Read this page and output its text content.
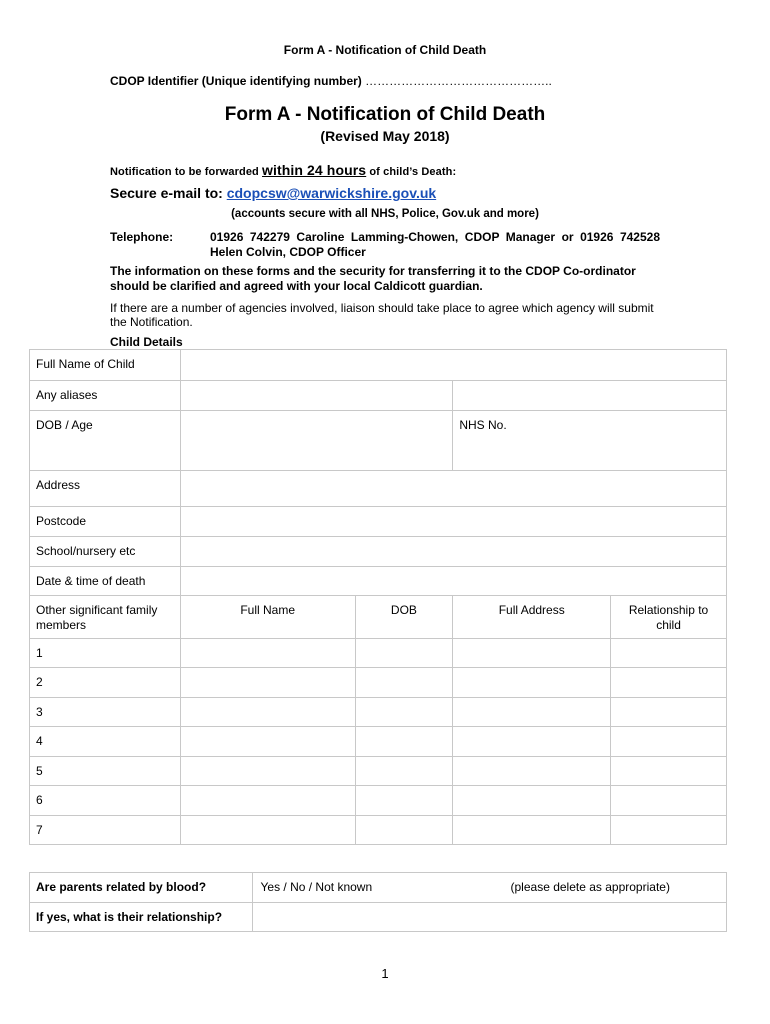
Form A - Notification of Child Death
CDOP Identifier (Unique identifying number) ………………………………………..
Form A - Notification of Child Death
(Revised May 2018)
Notification to be forwarded within 24 hours of child’s Death:
Secure e-mail to: cdopcsw@warwickshire.gov.uk
(accounts secure with all NHS, Police, Gov.uk and more)
Telephone:	01926 742279 Caroline Lamming-Chowen, CDOP Manager or 01926 742528 Helen Colvin, CDOP Officer
The information on these forms and the security for transferring it to the CDOP Co-ordinator should be clarified and agreed with your local Caldicott guardian.
If there are a number of agencies involved, liaison should take place to agree which agency will submit the Notification.
Child Details
Full Name of Child				

Any aliases				

DOB / Age			NHS No.	

Address				

Postcode				

School/nursery etc				

Date & time of death				

Other significant family members	Full Name	DOB	Full Address	Relationship to child

1				

2				

3				

4				

5				

6				

7				

Are parents related by blood?	Yes / No / Not known (please delete as appropriate)

If yes, what is their relationship?	

1
